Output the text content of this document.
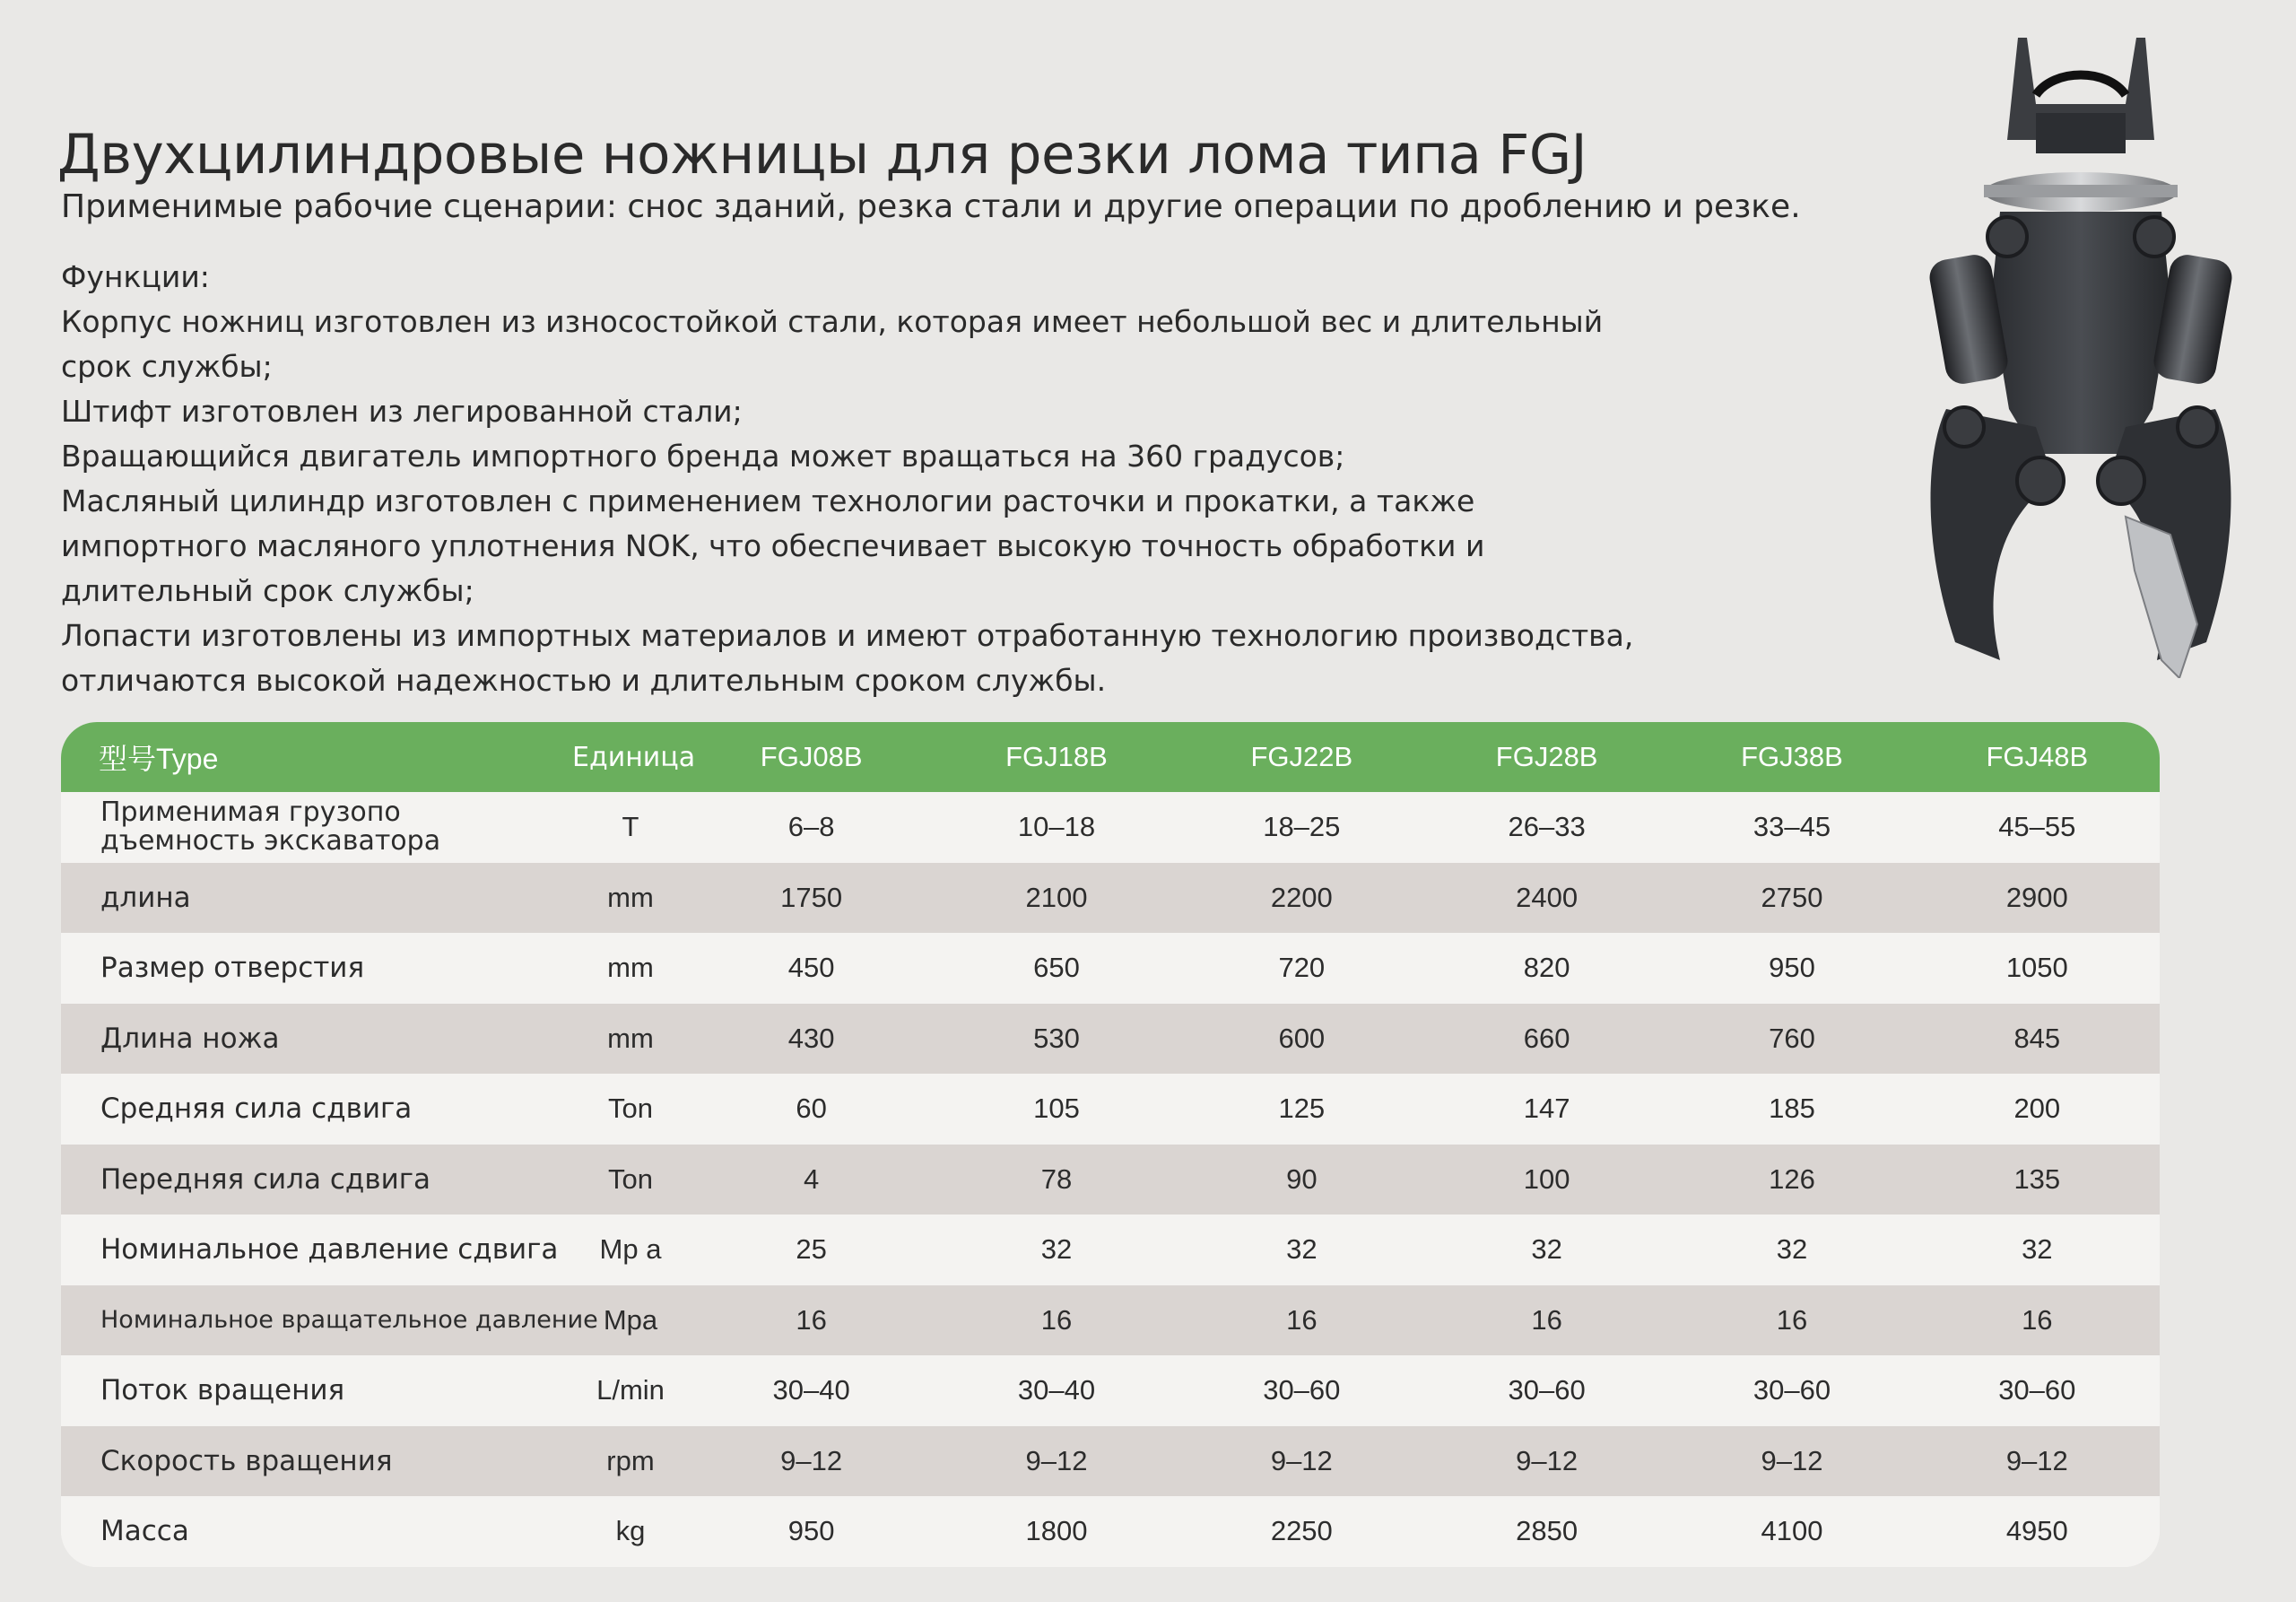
Двухцилиндровые ножницы для резки лома типа FGJ
Применимые рабочие сценарии: снос зданий, резка стали и другие операции по дроблению и резке.
Функции:
Корпус ножниц изготовлен из износостойкой стали, которая имеет небольшой вес и длительный
срок службы;
Штифт изготовлен из легированной стали;
Вращающийся двигатель импортного бренда может вращаться на 360 градусов;
Масляный цилиндр изготовлен с применением технологии расточки и прокатки, а также
импортного масляного уплотнения NOK, что обеспечивает высокую точность обработки и
длительный срок службы;
Лопасти изготовлены из импортных материалов и имеют отработанную технологию производства,
отличаются высокой надежностью и длительным сроком службы.
型号Type	Единица	FGJ08B	FGJ18B	FGJ22B	FGJ28B	FGJ38B	FGJ48B
Применимая грузопо
дъемность экскаватора	T	6–8	10–18	18–25	26–33	33–45	45–55
длина	mm	1750	2100	2200	2400	2750	2900
Размер отверстия	mm	450	650	720	820	950	1050
Длина ножа	mm	430	530	600	660	760	845
Средняя сила сдвига	Ton	60	105	125	147	185	200
Передняя сила сдвига	Ton	4	78	90	100	126	135
Номинальное давление сдвига	Mp a	25	32	32	32	32	32
Номинальное вращательное давление Mpa	16	16	16	16	16	16
Поток вращения	L/min	30–40	30–40	30–60	30–60	30–60	30–60
Скорость вращения	rpm	9–12	9–12	9–12	9–12	9–12	9–12
Масса	kg	950	1800	2250	2850	4100	4950
